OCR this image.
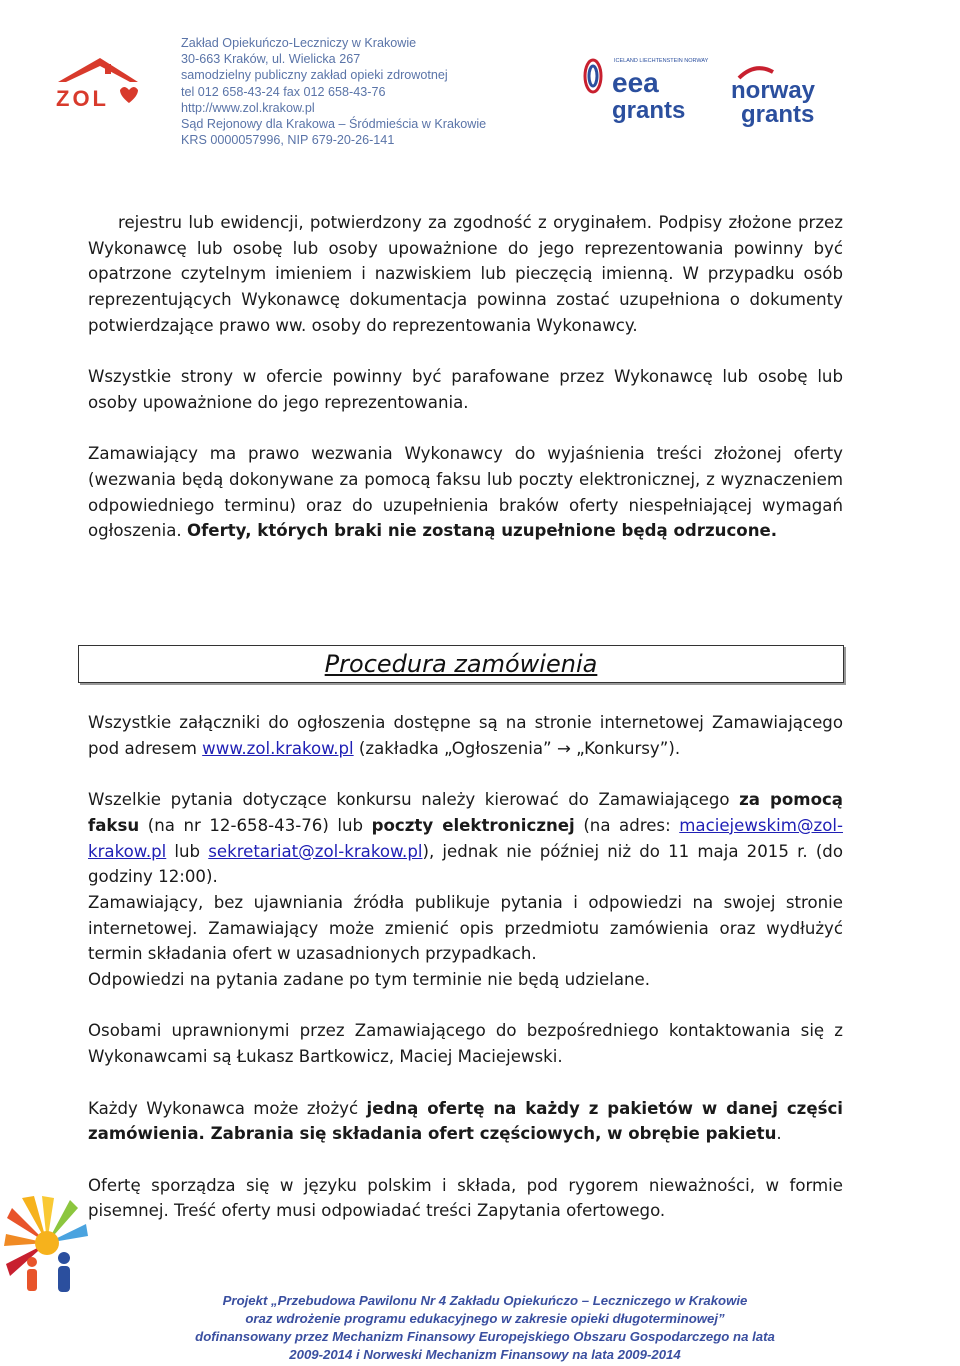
ZOL
Zakład Opiekuńczo-Leczniczy w Krakowie
30-663 Kraków, ul. Wielicka 267
samodzielny publiczny zakład opieki zdrowotnej
tel 012 658-43-24 fax 012 658-43-76
http://www.zol.krakow.pl
Sąd Rejonowy dla Krakowa – Śródmieścia w Krakowie
KRS 0000057996, NIP 679-20-26-141
ICELAND LIECHTENSTEIN NORWAY
eea
grants
norway
grants

rejestru lub ewidencji, potwierdzony za zgodność z oryginałem. Podpisy złożone przez Wykonawcę lub osobę lub osoby upoważnione do jego reprezentowania powinny być opatrzone czytelnym imieniem i nazwiskiem lub pieczęcią imienną. W przypadku osób reprezentujących Wykonawcę dokumentacja powinna zostać uzupełniona o dokumenty potwierdzające prawo ww. osoby do reprezentowania Wykonawcy.

Wszystkie strony w ofercie powinny być parafowane przez Wykonawcę lub osobę lub osoby upoważnione do jego reprezentowania.

Zamawiający ma prawo wezwania Wykonawcy do wyjaśnienia treści złożonej oferty (wezwania będą dokonywane za pomocą faksu lub poczty elektronicznej, z wyznaczeniem odpowiedniego terminu) oraz do uzupełnienia braków oferty niespełniającej wymagań ogłoszenia. Oferty, których braki nie zostaną uzupełnione będą odrzucone.

Procedura zamówienia

Wszystkie załączniki do ogłoszenia dostępne są na stronie internetowej Zamawiającego pod adresem www.zol.krakow.pl (zakładka „Ogłoszenia” → „Konkursy”).

Wszelkie pytania dotyczące konkursu należy kierować do Zamawiającego za pomocą faksu (na nr 12-658-43-76) lub poczty elektronicznej (na adres: maciejewskim@zol-krakow.pl lub sekretariat@zol-krakow.pl), jednak nie później niż do 11 maja 2015 r. (do godziny 12:00).

Zamawiający, bez ujawniania źródła publikuje pytania i odpowiedzi na swojej stronie internetowej. Zamawiający może zmienić opis przedmiotu zamówienia oraz wydłużyć termin składania ofert w uzasadnionych przypadkach.

Odpowiedzi na pytania zadane po tym terminie nie będą udzielane.

Osobami uprawnionymi przez Zamawiającego do bezpośredniego kontaktowania się z Wykonawcami są Łukasz Bartkowicz, Maciej Maciejewski.

Każdy Wykonawca może złożyć jedną ofertę na każdy z pakietów w danej części zamówienia. Zabrania się składania ofert częściowych, w obrębie pakietu.

Ofertę sporządza się w języku polskim i składa, pod rygorem nieważności, w formie pisemnej. Treść oferty musi odpowiadać treści Zapytania ofertowego.

Projekt „Przebudowa Pawilonu Nr 4 Zakładu Opiekuńczo – Leczniczego w Krakowie
oraz wdrożenie programu edukacyjnego w zakresie opieki długoterminowej”
dofinansowany przez Mechanizm Finansowy Europejskiego Obszaru Gospodarczego na lata
2009-2014 i Norweski Mechanizm Finansowy na lata 2009-2014
